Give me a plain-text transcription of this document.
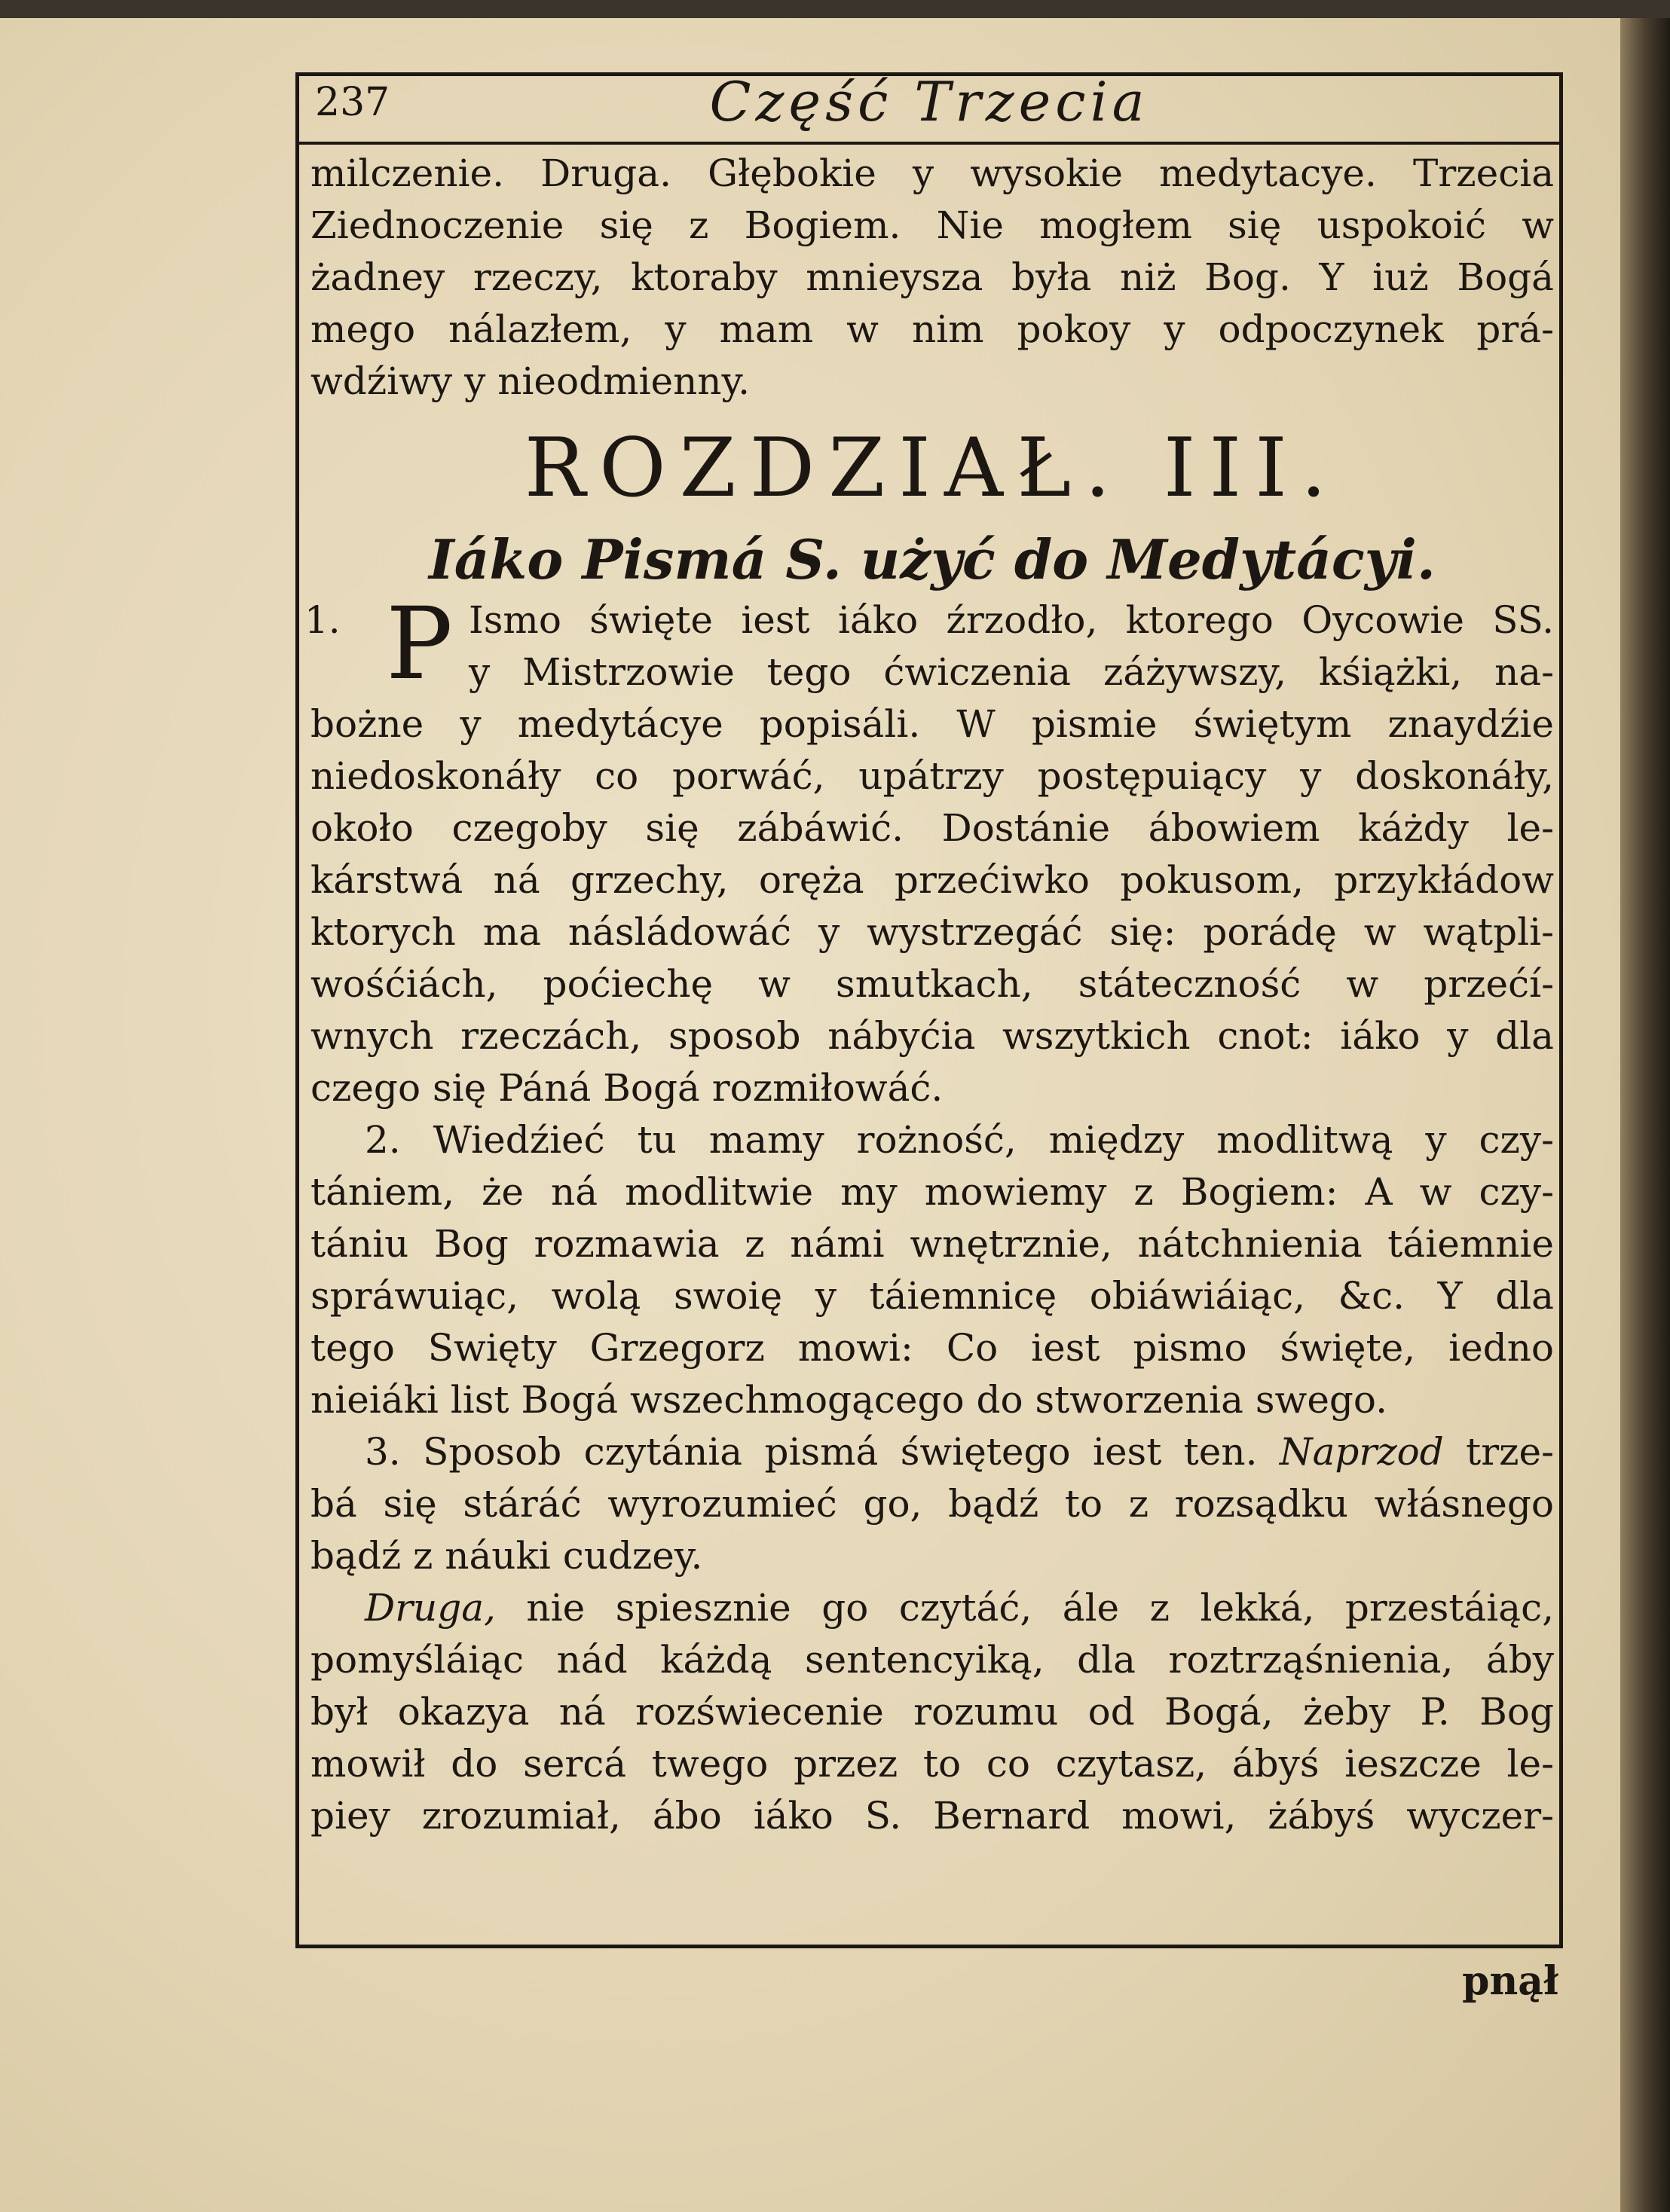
237	Część Trzecia
milczenie. Druga. Głębokie y wysokie medytacye. Trzecia
Ziednoczenie się z Bogiem. Nie mogłem się uspokoić w
żadney rzeczy, ktoraby mnieysza była niż Bog. Y iuż Bogá
mego nálazłem, y mam w nim pokoy y odpoczynek prá-
wdźiwy y nieodmienny.
ROZDZIAŁ. III.
Iáko Pismá S. użyć do Medytácyi.
1. P Ismo święte iest iáko źrzodło, ktorego Oycowie SS.
y Mistrzowie tego ćwiczenia záżywszy, kśiążki, na-
bożne y medytácye popisáli. W pismie świętym znaydźie
niedoskonáły co porwáć, upátrzy postępuiący y doskonáły,
około czegoby się zábáwić. Dostánie ábowiem káżdy le-
kárstwá ná grzechy, oręża przećiwko pokusom, przykłádow
ktorych ma násládowáć y wystrzegáć się: porádę w wątpli-
wośćiách, poćiechę w smutkach, státeczność w przećí-
wnych rzeczách, sposob nábyćia wszytkich cnot: iáko y dla
czego się Páná Bogá rozmiłowáć.
2. Wiedźieć tu mamy rożność, między modlitwą y czy-
tániem, że ná modlitwie my mowiemy z Bogiem: A w czy-
tániu Bog rozmawia z námi wnętrznie, nátchnienia táiemnie
spráwuiąc, wolą swoię y táiemnicę obiáwiáiąc, &c. Y dla
tego Swięty Grzegorz mowi: Co iest pismo święte, iedno
nieiáki list Bogá wszechmogącego do stworzenia swego.
3. Sposob czytánia pismá świętego iest ten. Naprzod trze-
bá się stáráć wyrozumieć go, bądź to z rozsądku włásnego
bądź z náuki cudzey.
Druga, nie spiesznie go czytáć, ále z lekká, przestáiąc,
pomyśláiąc nád káżdą sentencyiką, dla roztrząśnienia, áby
był okazya ná rozświecenie rozumu od Bogá, żeby P. Bog
mowił do sercá twego przez to co czytasz, ábyś ieszcze le-
piey zrozumiał, ábo iáko S. Bernard mowi, żábyś wyczer-
pnął
